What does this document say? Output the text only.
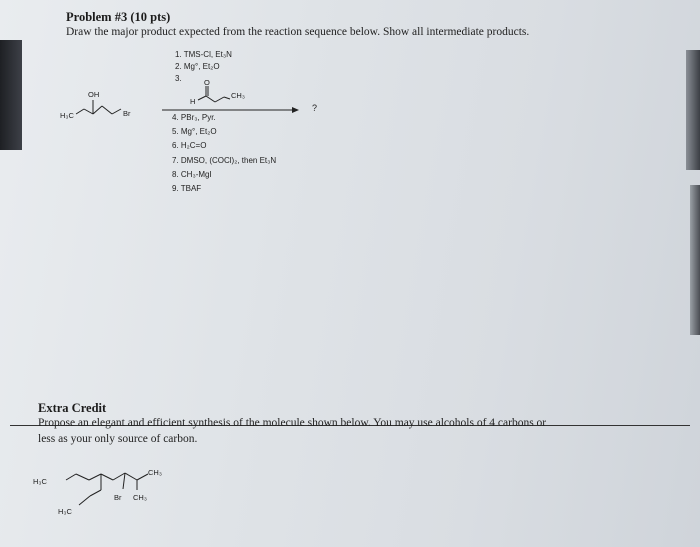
Problem #3 (10 pts)
Draw the major product expected from the reaction sequence below. Show all intermediate products.
1. TMS-Cl, Et₃N
2. Mg°, Et₂O
3.
H₃C
OH
Br
H
O
CH₃
H₃C
H₃C
Br CH₃
CH₃
?
4. PBr₃, Pyr.
5. Mg°, Et₂O
6. H₂C=O
7. DMSO, (COCl)₂, then Et₃N
8. CH₃-MgI
9. TBAF
Extra Credit
Propose an elegant and efficient synthesis of the molecule shown below. You may use alcohols of 4 carbons or
less as your only source of carbon.
